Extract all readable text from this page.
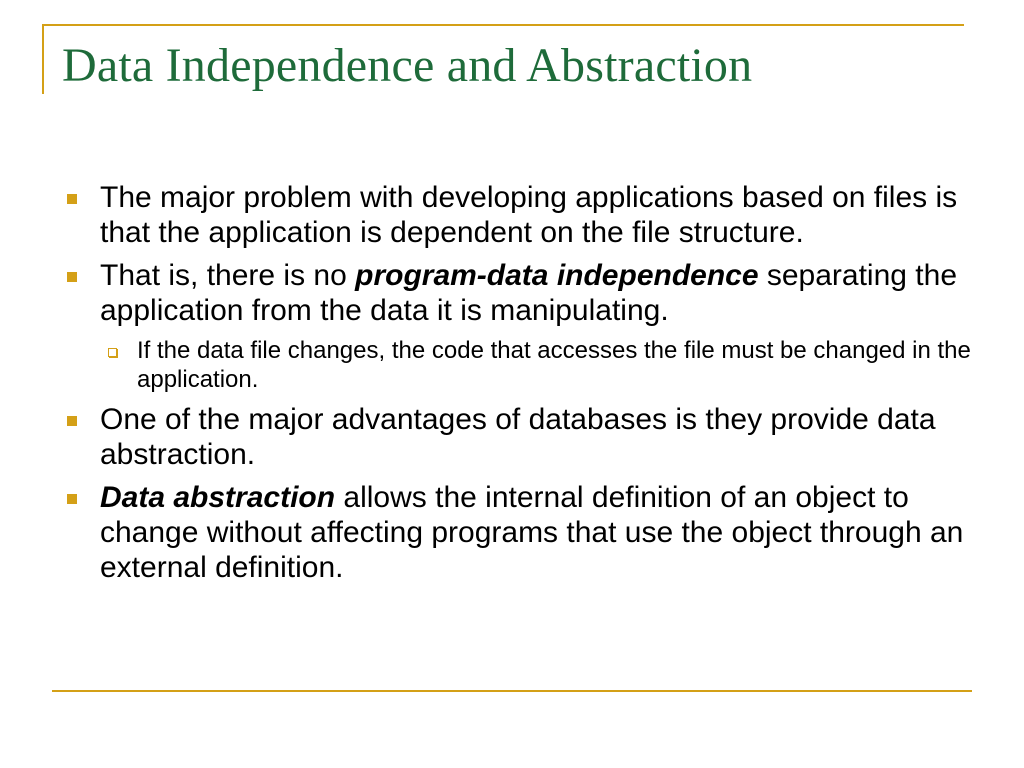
Data Independence and Abstraction
The major problem with developing applications based on files is that the application is dependent on the file structure.
That is, there is no program-data independence separating the application from the data it is manipulating.
If the data file changes, the code that accesses the file must be changed in the application.
One of the major advantages of databases is they provide data abstraction.
Data abstraction allows the internal definition of an object to change without affecting programs that use the object through an external definition.
